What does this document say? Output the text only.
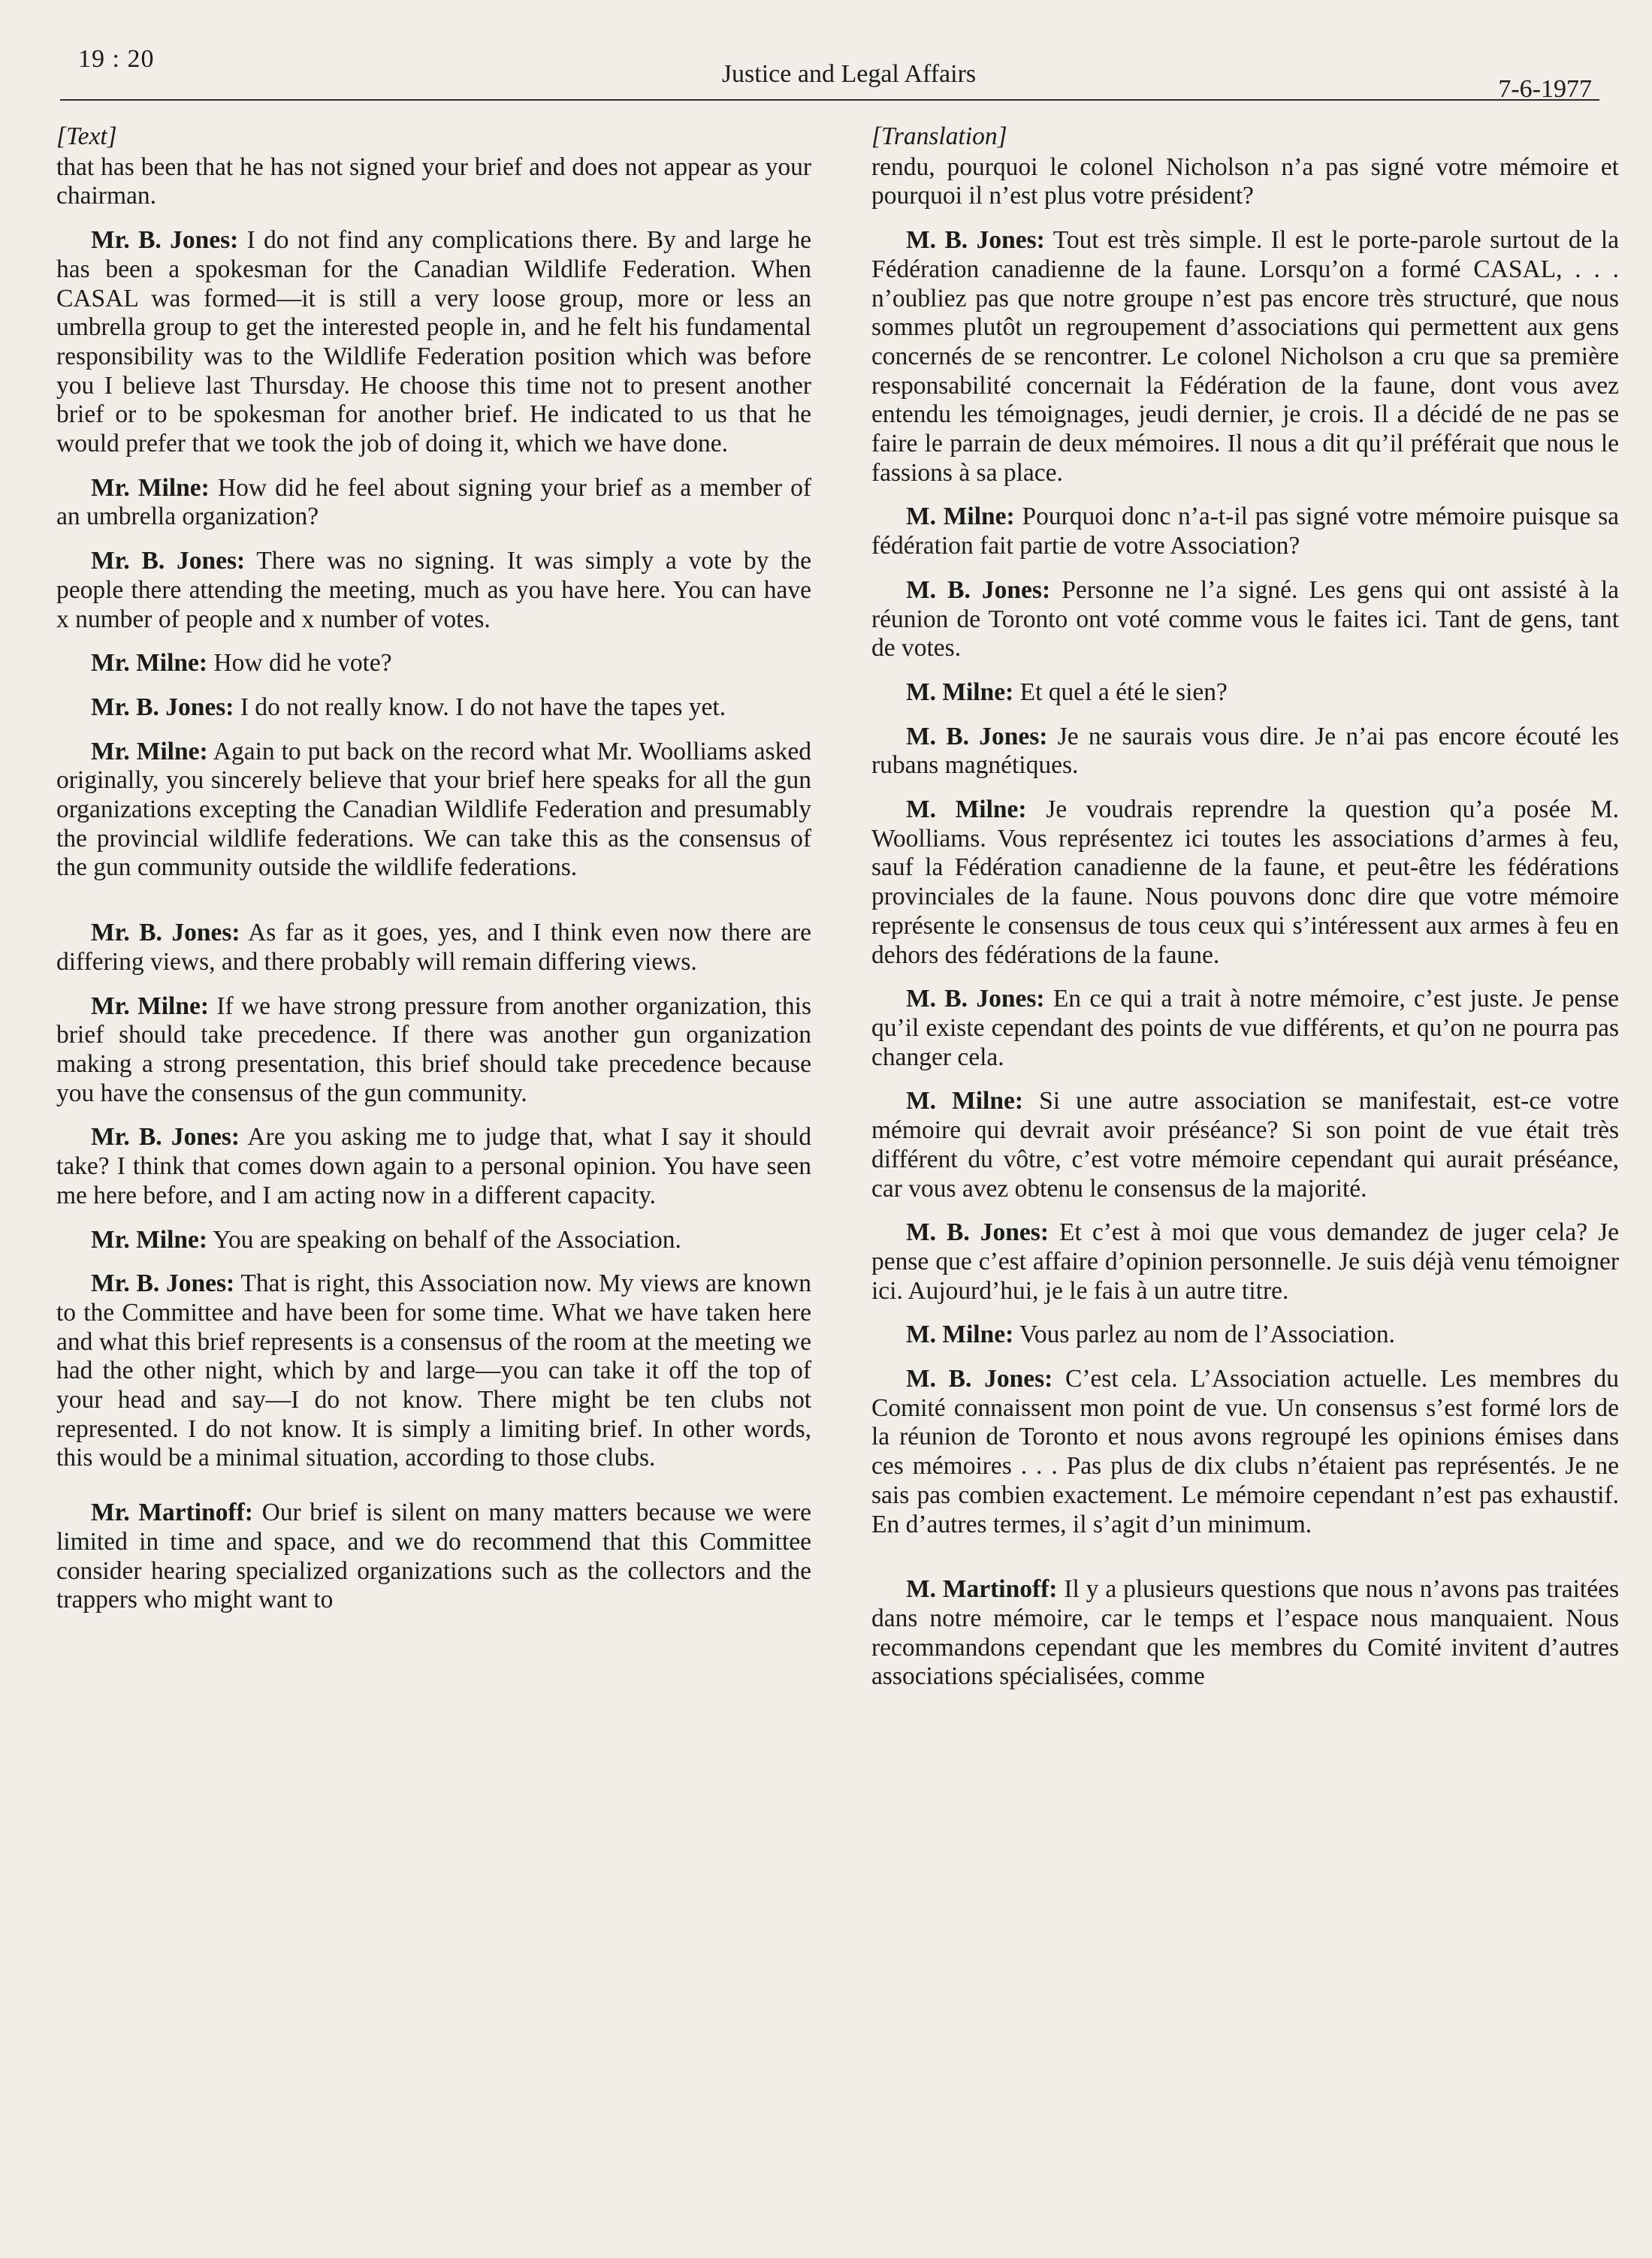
19 : 20
Justice and Legal Affairs
7-6-1977
[Text]

that has been that he has not signed your brief and does not appear as your chairman.

Mr. B. Jones: I do not find any complications there. By and large he has been a spokesman for the Canadian Wildlife Federation. When CASAL was formed—it is still a very loose group, more or less an umbrella group to get the interested people in, and he felt his fundamental responsibility was to the Wildlife Federation position which was before you I believe last Thursday. He choose this time not to present another brief or to be spokesman for another brief. He indicated to us that he would prefer that we took the job of doing it, which we have done.

Mr. Milne: How did he feel about signing your brief as a member of an umbrella organization?

Mr. B. Jones: There was no signing. It was simply a vote by the people there attending the meeting, much as you have here. You can have x number of people and x number of votes.

Mr. Milne: How did he vote?

Mr. B. Jones: I do not really know. I do not have the tapes yet.

Mr. Milne: Again to put back on the record what Mr. Woolliams asked originally, you sincerely believe that your brief here speaks for all the gun organizations excepting the Canadian Wildlife Federation and presumably the provincial wildlife federations. We can take this as the consensus of the gun community outside the wildlife federations.

Mr. B. Jones: As far as it goes, yes, and I think even now there are differing views, and there probably will remain differing views.

Mr. Milne: If we have strong pressure from another organization, this brief should take precedence. If there was another gun organization making a strong presentation, this brief should take precedence because you have the consensus of the gun community.

Mr. B. Jones: Are you asking me to judge that, what I say it should take? I think that comes down again to a personal opinion. You have seen me here before, and I am acting now in a different capacity.

Mr. Milne: You are speaking on behalf of the Association.

Mr. B. Jones: That is right, this Association now. My views are known to the Committee and have been for some time. What we have taken here and what this brief represents is a consensus of the room at the meeting we had the other night, which by and large—you can take it off the top of your head and say—I do not know. There might be ten clubs not represented. I do not know. It is simply a limiting brief. In other words, this would be a minimal situation, according to those clubs.

Mr. Martinoff: Our brief is silent on many matters because we were limited in time and space, and we do recommend that this Committee consider hearing specialized organizations such as the collectors and the trappers who might want to

[Translation]

rendu, pourquoi le colonel Nicholson n’a pas signé votre mémoire et pourquoi il n’est plus votre président?

M. B. Jones: Tout est très simple. Il est le porte-parole surtout de la Fédération canadienne de la faune. Lorsqu’on a formé CASAL, . . . n’oubliez pas que notre groupe n’est pas encore très structuré, que nous sommes plutôt un regroupement d’associations qui permettent aux gens concernés de se rencontrer. Le colonel Nicholson a cru que sa première responsabilité concernait la Fédération de la faune, dont vous avez entendu les témoignages, jeudi dernier, je crois. Il a décidé de ne pas se faire le parrain de deux mémoires. Il nous a dit qu’il préférait que nous le fassions à sa place.

M. Milne: Pourquoi donc n’a-t-il pas signé votre mémoire puisque sa fédération fait partie de votre Association?

M. B. Jones: Personne ne l’a signé. Les gens qui ont assisté à la réunion de Toronto ont voté comme vous le faites ici. Tant de gens, tant de votes.

M. Milne: Et quel a été le sien?

M. B. Jones: Je ne saurais vous dire. Je n’ai pas encore écouté les rubans magnétiques.

M. Milne: Je voudrais reprendre la question qu’a posée M. Woolliams. Vous représentez ici toutes les associations d’armes à feu, sauf la Fédération canadienne de la faune, et peut-être les fédérations provinciales de la faune. Nous pouvons donc dire que votre mémoire représente le consensus de tous ceux qui s’intéressent aux armes à feu en dehors des fédérations de la faune.

M. B. Jones: En ce qui a trait à notre mémoire, c’est juste. Je pense qu’il existe cependant des points de vue différents, et qu’on ne pourra pas changer cela.

M. Milne: Si une autre association se manifestait, est-ce votre mémoire qui devrait avoir préséance? Si son point de vue était très différent du vôtre, c’est votre mémoire cependant qui aurait préséance, car vous avez obtenu le consensus de la majorité.

M. B. Jones: Et c’est à moi que vous demandez de juger cela? Je pense que c’est affaire d’opinion personnelle. Je suis déjà venu témoigner ici. Aujourd’hui, je le fais à un autre titre.

M. Milne: Vous parlez au nom de l’Association.

M. B. Jones: C’est cela. L’Association actuelle. Les membres du Comité connaissent mon point de vue. Un consensus s’est formé lors de la réunion de Toronto et nous avons regroupé les opinions émises dans ces mémoires . . . Pas plus de dix clubs n’étaient pas représentés. Je ne sais pas combien exactement. Le mémoire cependant n’est pas exhaustif. En d’autres termes, il s’agit d’un minimum.

M. Martinoff: Il y a plusieurs questions que nous n’avons pas traitées dans notre mémoire, car le temps et l’espace nous manquaient. Nous recommandons cependant que les membres du Comité invitent d’autres associations spécialisées, comme
